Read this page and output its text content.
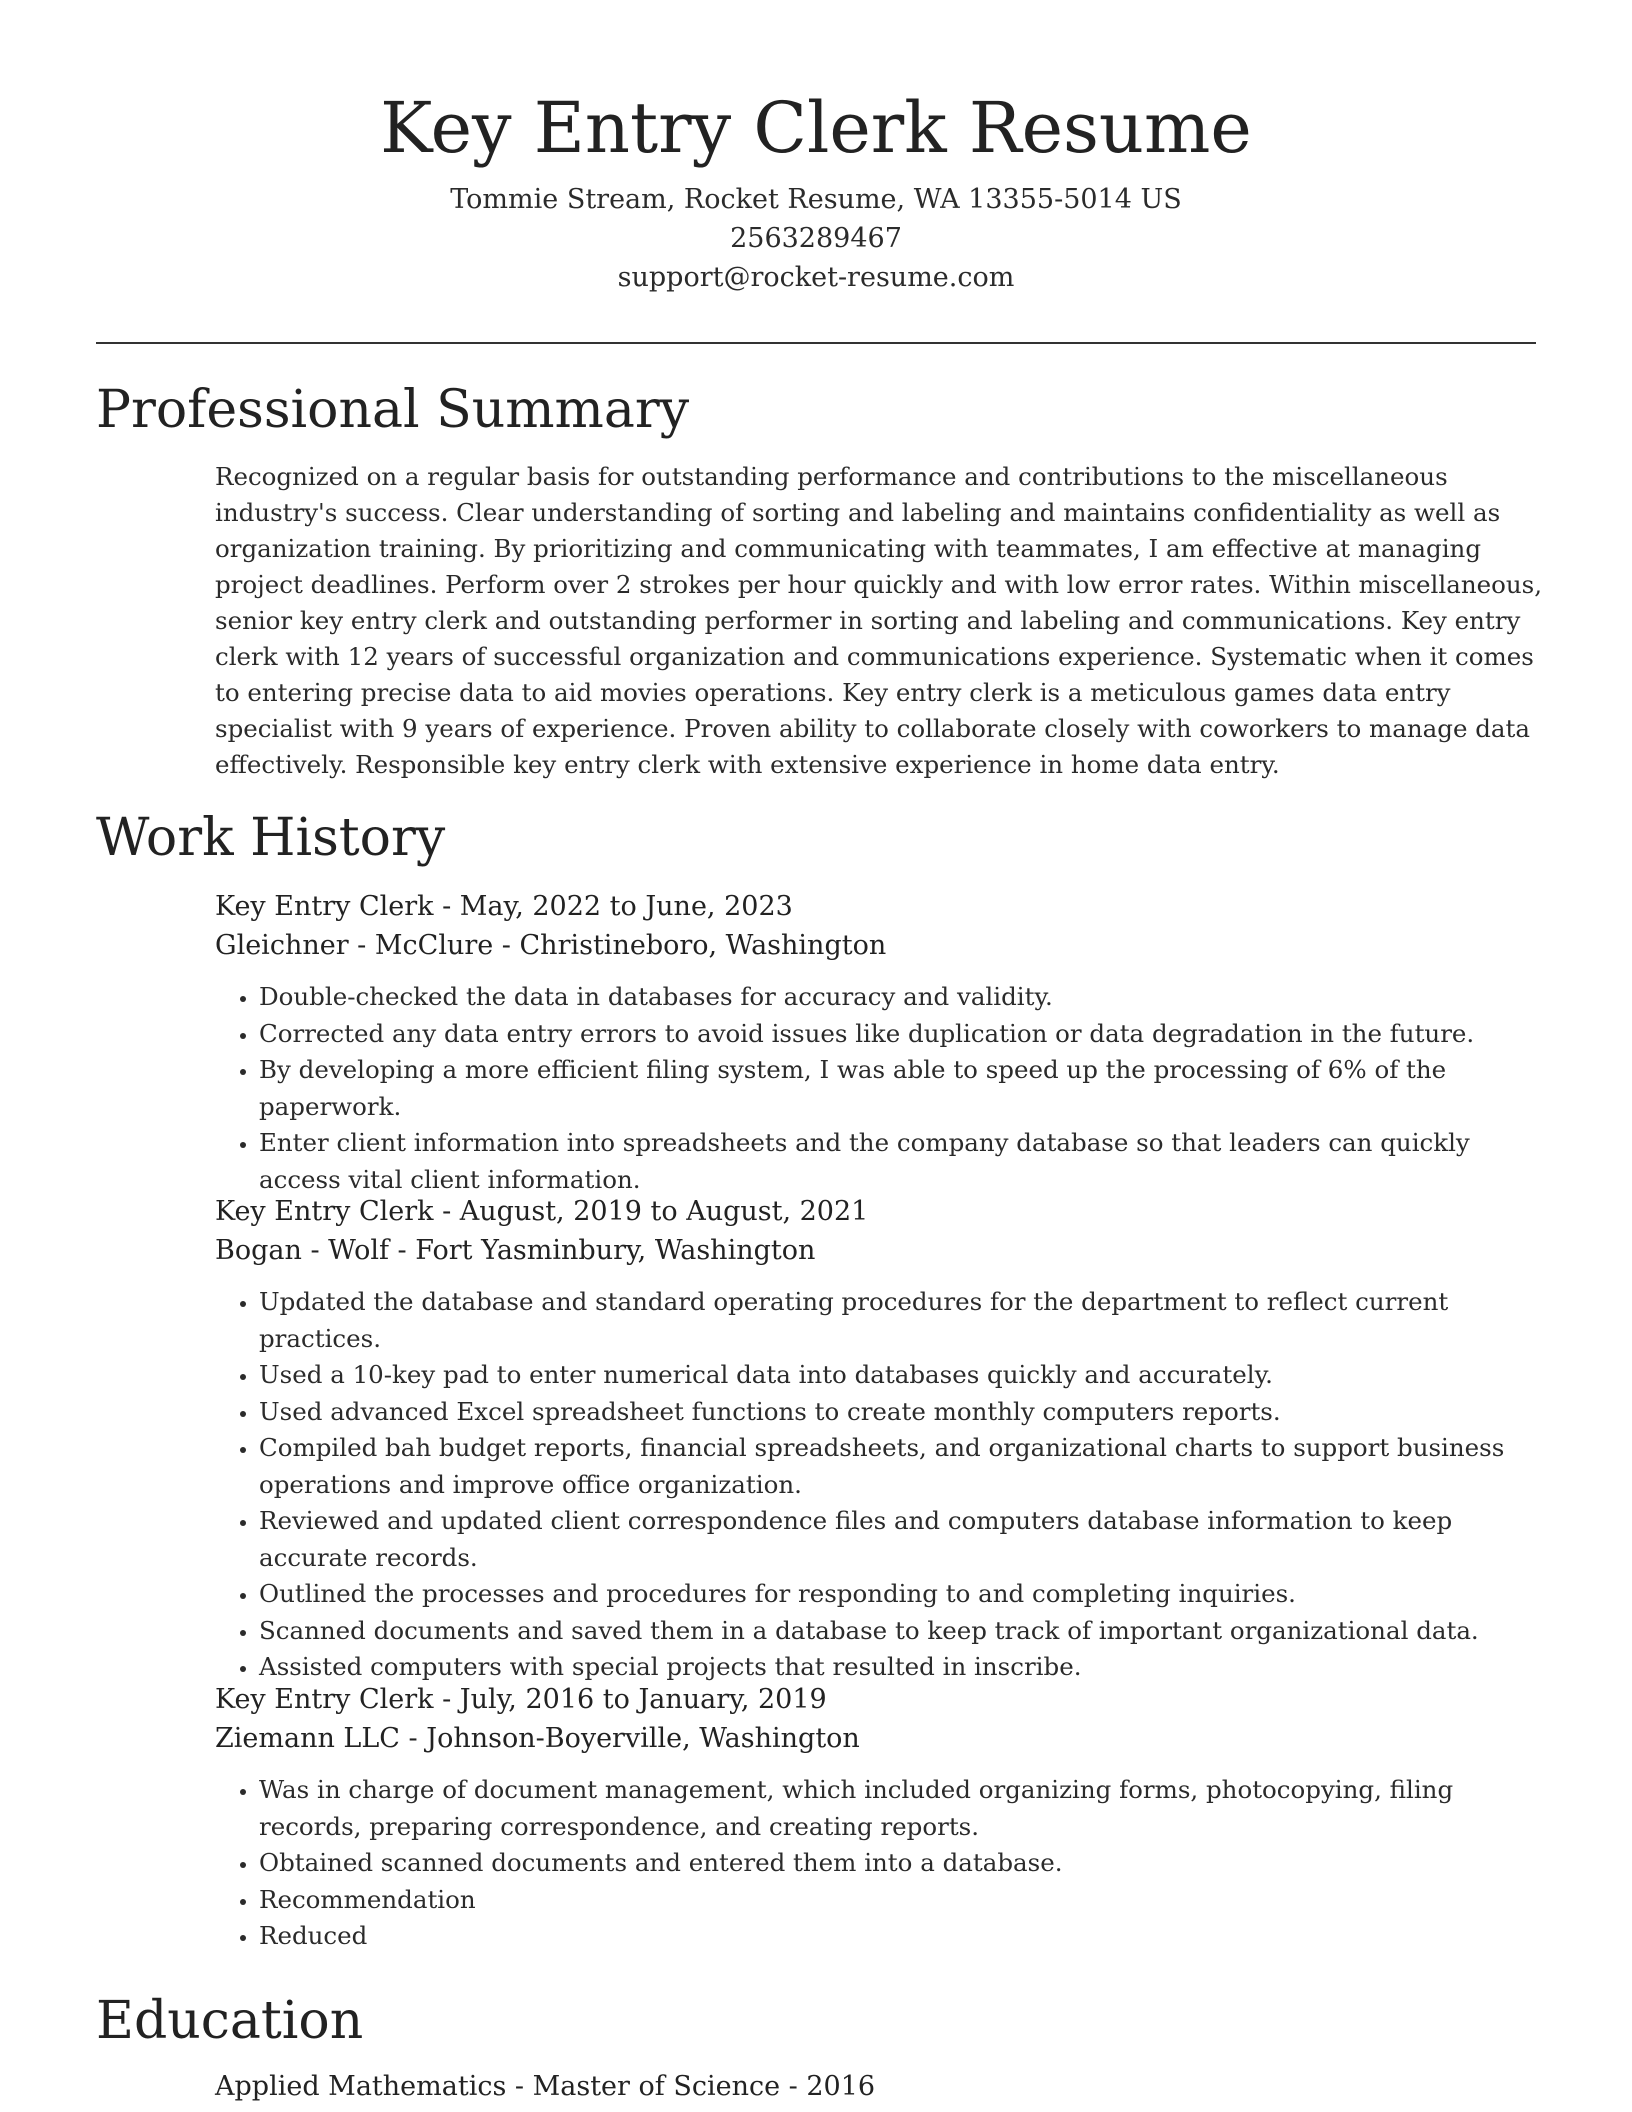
Key Entry Clerk Resume
Tommie Stream, Rocket Resume, WA 13355-5014 US
2563289467
support@rocket-resume.com
Professional Summary
Recognized on a regular basis for outstanding performance and contributions to the miscellaneous industry's success. Clear understanding of sorting and labeling and maintains confidentiality as well as organization training. By prioritizing and communicating with teammates, I am effective at managing project deadlines. Perform over 2 strokes per hour quickly and with low error rates. Within miscellaneous, senior key entry clerk and outstanding performer in sorting and labeling and communications. Key entry clerk with 12 years of successful organization and communications experience. Systematic when it comes to entering precise data to aid movies operations. Key entry clerk is a meticulous games data entry specialist with 9 years of experience. Proven ability to collaborate closely with coworkers to manage data effectively. Responsible key entry clerk with extensive experience in home data entry.
Work History
Key Entry Clerk - May, 2022 to June, 2023
Gleichner - McClure - Christineboro, Washington
• Double-checked the data in databases for accuracy and validity.
• Corrected any data entry errors to avoid issues like duplication or data degradation in the future.
• By developing a more efficient filing system, I was able to speed up the processing of 6% of the paperwork.
• Enter client information into spreadsheets and the company database so that leaders can quickly access vital client information.
Key Entry Clerk - August, 2019 to August, 2021
Bogan - Wolf - Fort Yasminbury, Washington
• Updated the database and standard operating procedures for the department to reflect current practices.
• Used a 10-key pad to enter numerical data into databases quickly and accurately.
• Used advanced Excel spreadsheet functions to create monthly computers reports.
• Compiled bah budget reports, financial spreadsheets, and organizational charts to support business operations and improve office organization.
• Reviewed and updated client correspondence files and computers database information to keep accurate records.
• Outlined the processes and procedures for responding to and completing inquiries.
• Scanned documents and saved them in a database to keep track of important organizational data.
• Assisted computers with special projects that resulted in inscribe.
Key Entry Clerk - July, 2016 to January, 2019
Ziemann LLC - Johnson-Boyerville, Washington
• Was in charge of document management, which included organizing forms, photocopying, filing records, preparing correspondence, and creating reports.
• Obtained scanned documents and entered them into a database.
• Recommendation
• Reduced
Education
Applied Mathematics - Master of Science - 2016
